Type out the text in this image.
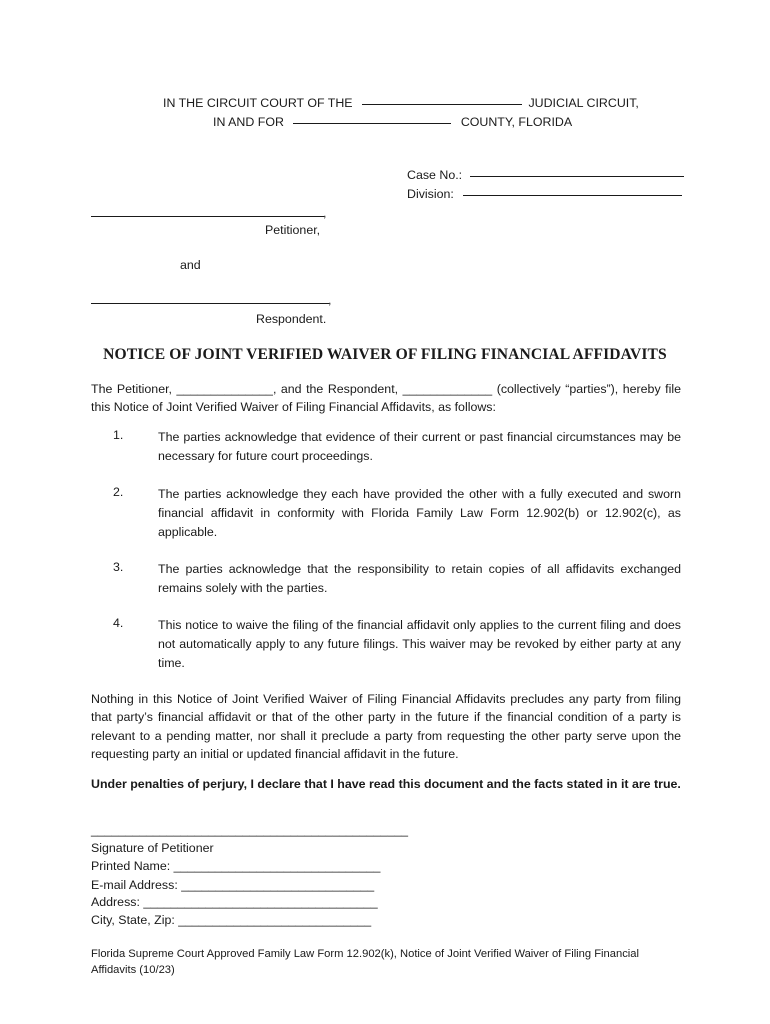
IN THE CIRCUIT COURT OF THE	JUDICIAL CIRCUIT,
IN AND FOR	COUNTY, FLORIDA
Case No.:
Division:
,
Petitioner,
and
,
Respondent.
NOTICE OF JOINT VERIFIED WAIVER OF FILING FINANCIAL AFFIDAVITS
The Petitioner, ______________, and the Respondent, _____________ (collectively “parties”), hereby file this Notice of Joint Verified Waiver of Filing Financial Affidavits, as follows:
1.	The parties acknowledge that evidence of their current or past financial circumstances may be necessary for future court proceedings.
2.	The parties acknowledge they each have provided the other with a fully executed and sworn financial affidavit in conformity with Florida Family Law Form 12.902(b) or 12.902(c), as applicable.
3.	The parties acknowledge that the responsibility to retain copies of all affidavits exchanged remains solely with the parties.
4.	This notice to waive the filing of the financial affidavit only applies to the current filing and does not automatically apply to any future filings. This waiver may be revoked by either party at any time.
Nothing in this Notice of Joint Verified Waiver of Filing Financial Affidavits precludes any party from filing that party’s financial affidavit or that of the other party in the future if the financial condition of a party is relevant to a pending matter, nor shall it preclude a party from requesting the other party serve upon the requesting party an initial or updated financial affidavit in the future.
Under penalties of perjury, I declare that I have read this document and the facts stated in it are true.
______________________________________________
Signature of Petitioner
Printed Name: ______________________________
E-mail Address: ____________________________
Address: __________________________________
City, State, Zip: ____________________________
Florida Supreme Court Approved Family Law Form 12.902(k), Notice of Joint Verified Waiver of Filing Financial Affidavits (10/23)
